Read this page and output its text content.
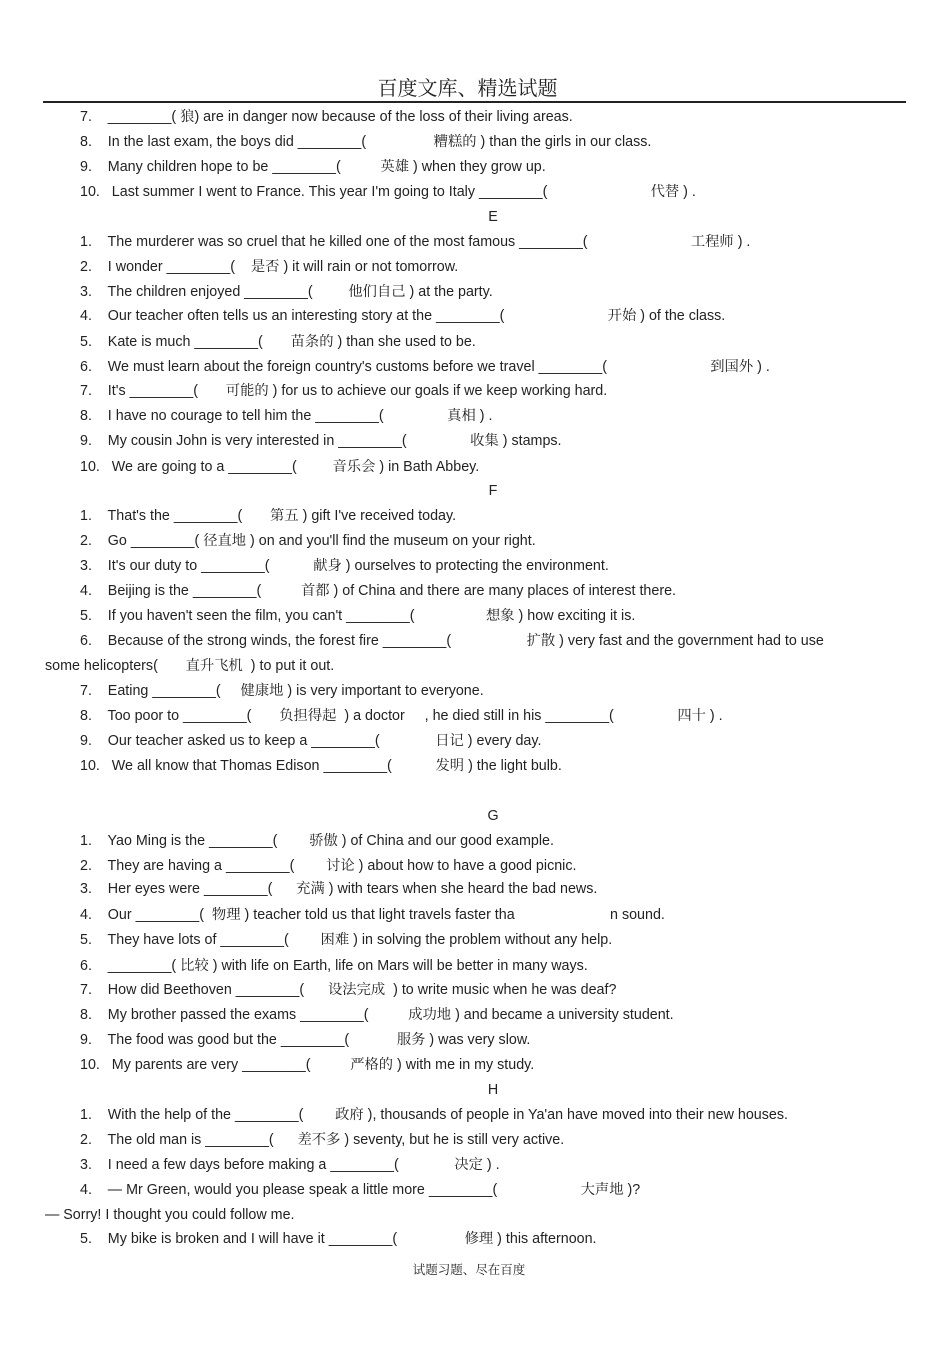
百度文库、精选试题
7.    ________( 狼) are in danger now because of the loss of their living areas.
8.    In the last exam, the boys did ________(                 糟糕的 ) than the girls in our class.
9.    Many children hope to be ________(          英雄 ) when they grow up.
10.   Last summer I went to France. This year I'm going to Italy ________(                          代替 ) .
E
1.    The murderer was so cruel that he killed one of the most famous ________(                          工程师 ) .
2.    I wonder ________(    是否 ) it will rain or not tomorrow.
3.    The children enjoyed ________(         他们自己 ) at the party.
4.    Our teacher often tells us an interesting story at the ________(                          开始 ) of the class.
5.    Kate is much ________(       苗条的 ) than she used to be.
6.    We must learn about the foreign country's customs before we travel ________(                          到国外 ) .
7.    It's ________(       可能的 ) for us to achieve our goals if we keep working hard.
8.    I have no courage to tell him the ________(                真相 ) .
9.    My cousin John is very interested in ________(                收集 ) stamps.
10.   We are going to a ________(         音乐会 ) in Bath Abbey.
F
1.    That's the ________(       第五 ) gift I've received today.
2.    Go ________( 径直地 ) on and you'll find the museum on your right.
3.    It's our duty to ________(           献身 ) ourselves to protecting the environment.
4.    Beijing is the ________(          首都 ) of China and there are many places of interest there.
5.    If you haven't seen the film, you can't ________(                  想象 ) how exciting it is.
6.    Because of the strong winds, the forest fire ________(                   扩散 ) very fast and the government had to use
some helicopters(       直升飞机  ) to put it out.
7.    Eating ________(     健康地 ) is very important to everyone.
8.    Too poor to ________(       负担得起  ) a doctor     , he died still in his ________(                四十 ) .
9.    Our teacher asked us to keep a ________(              日记 ) every day.
10.   We all know that Thomas Edison ________(           发明 ) the light bulb.
G
1.    Yao Ming is the ________(        骄傲 ) of China and our good example.
2.    They are having a ________(        讨论 ) about how to have a good picnic.
3.    Her eyes were ________(      充满 ) with tears when she heard the bad news.
4.    Our ________(  物理 ) teacher told us that light travels faster tha                        n sound.
5.    They have lots of ________(        困难 ) in solving the problem without any help.
6.    ________( 比较 ) with life on Earth, life on Mars will be better in many ways.
7.    How did Beethoven ________(      设法完成  ) to write music when he was deaf?
8.    My brother passed the exams ________(          成功地 ) and became a university student.
9.    The food was good but the ________(            服务 ) was very slow.
10.   My parents are very ________(          严格的 ) with me in my study.
H
1.    With the help of the ________(        政府 ), thousands of people in Ya'an have moved into their new houses.
2.    The old man is ________(      差不多 ) seventy, but he is still very active.
3.    I need a few days before making a ________(              决定 ) .
4.    — Mr Green, would you please speak a little more ________(                     大声地 )?
— Sorry! I thought you could follow me.
5.    My bike is broken and I will have it ________(                 修理 ) this afternoon.
试题习题、尽在百度
